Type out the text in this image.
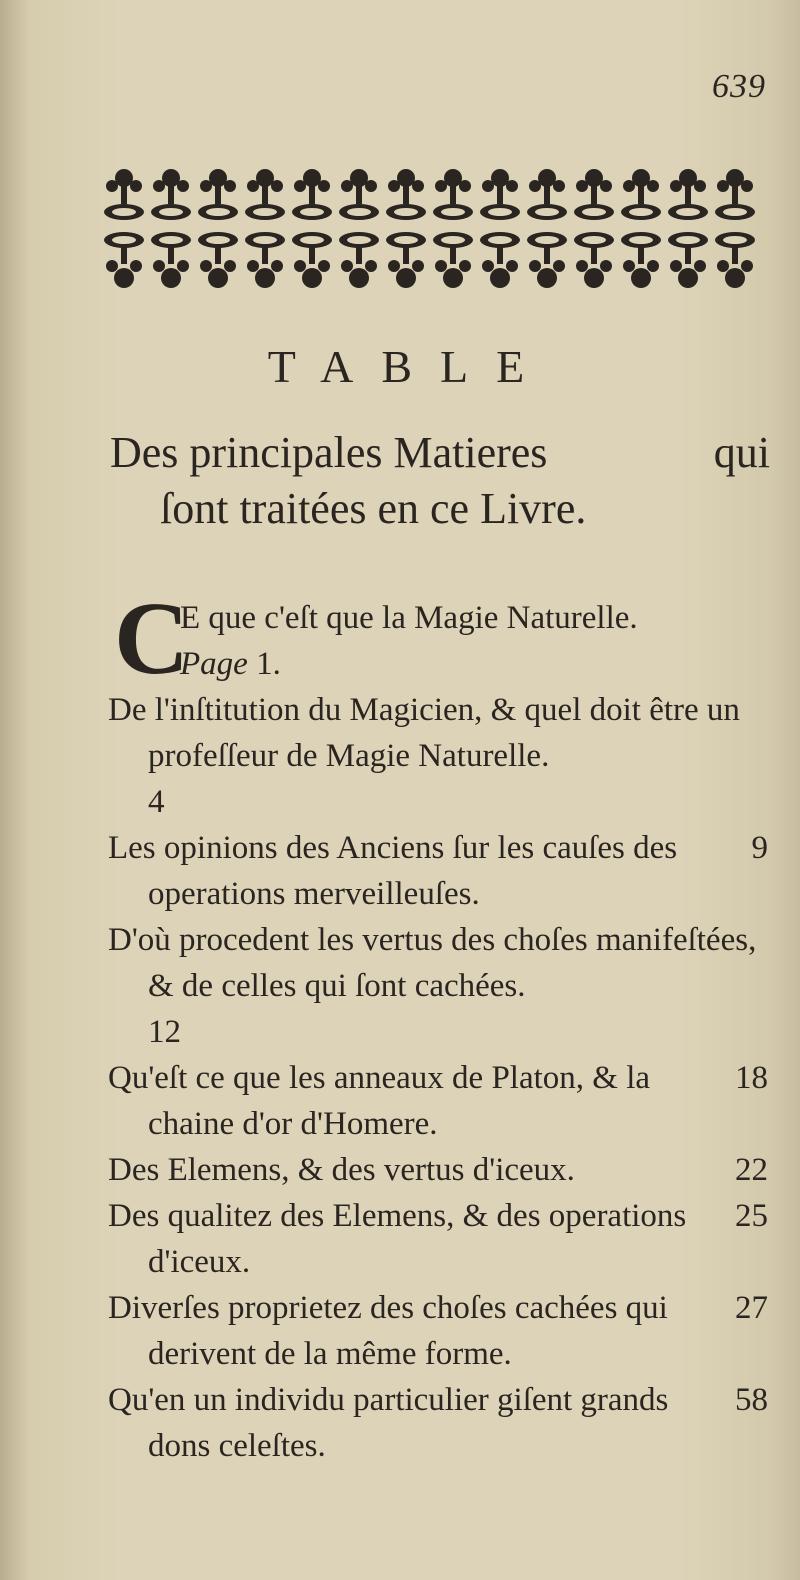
639
TABLE
Des principales Matieres	qui
ſont traitées en ce Livre.
C
E que c'eſt que la Magie Naturelle.
Page 1.
De l'inſtitution du Magicien, & quel doit être un profeſſeur de Magie Naturelle.
4
9
Les opinions des Anciens ſur les cauſes des operations merveilleuſes.
D'où procedent les vertus des choſes manifeſtées, & de celles qui ſont cachées.
12
18
Qu'eſt ce que les anneaux de Platon, & la chaine d'or d'Homere.
22
Des Elemens, & des vertus d'iceux.
25
Des qualitez des Elemens, & des operations d'iceux.
27
Diverſes proprietez des choſes cachées qui derivent de la même forme.
58
Qu'en un individu particulier giſent grands dons celeſtes.
